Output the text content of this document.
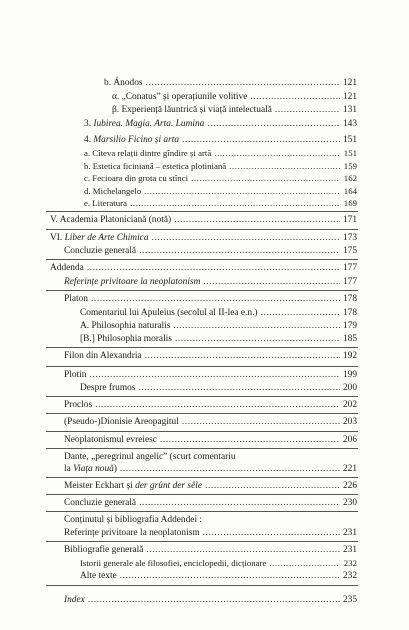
b. Ánodos .....	121
α. „Conatus” și operațiunile volitive .....	121
β. Experiență lăuntrică și viață intelectuală .....	131
3. Iubirea. Magia. Arta. Lumina .....	143
4. Marsilio Ficino și arta .....	151
a. Cîteva relații dintre gîndire și artă .....	151
b. Estetica ficiniană – estetica plotiniană .....	159
c. Fecioara din grota cu stînci .....	162
d. Michelangelo .....	164
e. Literatura .....	169
V. Academia Platoniciană (notă) .....	171
VI. Liber de Arte Chimica .....	173
Concluzie generală .....	175
Addenda .....	177
Referințe privitoare la neoplatonism .....	177
Platon .....	178
Comentariul lui Apuleius (secolul al II-lea e.n.) .....	178
A. Philosophia naturalis .....	179
[B.] Philosophia moralis .....	185
Filon din Alexandria .....	192
Plotin .....	199
Despre frumos .....	200
Proclos .....	202
(Pseudo-)Dionisie Areopagitul .....	203
Neoplatonismul evreiesc .....	206
Dante, „peregrinul angelic” (scurt comentariu
la Viața nouă) .....	221
Meister Eckhart și der grûnt der sêle .....	226
Concluzie generală .....	230
Conținutul și bibliografia Addendei :
Referințe privitoare la neoplatonism .....	231
Bibliografie generală .....	231
Istorii generale ale filosofiei, enciclopedii, dicționare .....	232
Alte texte .....	232
Index .....	235
